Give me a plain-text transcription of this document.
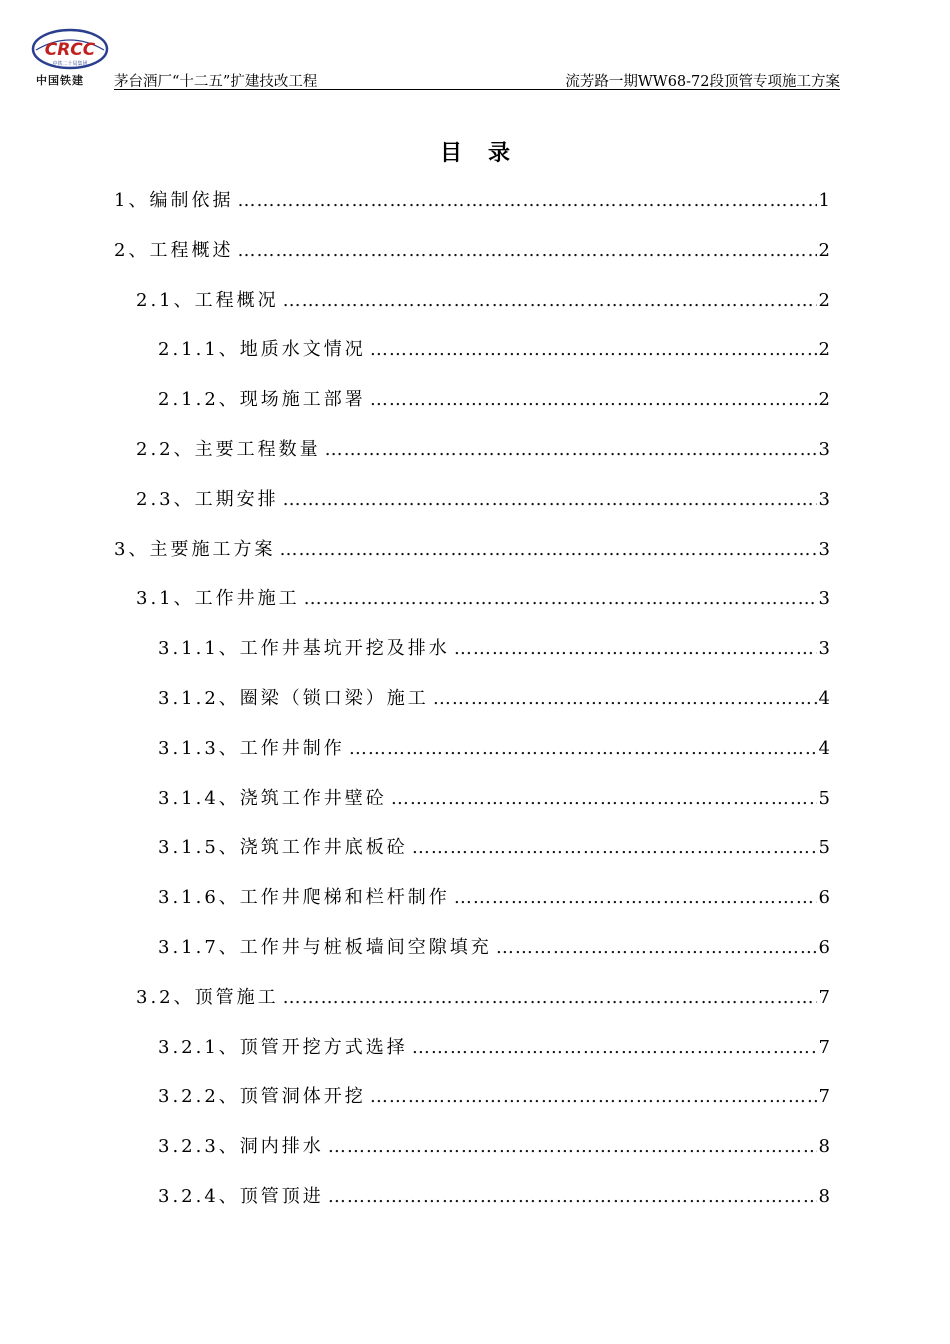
CRCC
中铁二十局集团
中国铁建 茅台酒厂“十二五”扩建技改工程	流芳路一期WW68-72段顶管专项施工方案
目录
1、编制依据 …………………………………………………………………………………………………………………………………………………………………………………	1
2、工程概述 …………………………………………………………………………………………………………………………………………………………………………………	2
2.1、工程概况 …………………………………………………………………………………………………………………………………………………………………………………	2
2.1.1、地质水文情况 …………………………………………………………………………………………………………………………………………………………………………………	2
2.1.2、现场施工部署 …………………………………………………………………………………………………………………………………………………………………………………	2
2.2、主要工程数量 …………………………………………………………………………………………………………………………………………………………………………………	3
2.3、工期安排 …………………………………………………………………………………………………………………………………………………………………………………	3
3、主要施工方案 …………………………………………………………………………………………………………………………………………………………………………………	3
3.1、工作井施工 …………………………………………………………………………………………………………………………………………………………………………………	3
3.1.1、工作井基坑开挖及排水 …………………………………………………………………………………………………………………………………………………………………………………	3
3.1.2、圈梁（锁口梁）施工 …………………………………………………………………………………………………………………………………………………………………………………	4
3.1.3、工作井制作 …………………………………………………………………………………………………………………………………………………………………………………	4
3.1.4、浇筑工作井壁砼 …………………………………………………………………………………………………………………………………………………………………………………	5
3.1.5、浇筑工作井底板砼 …………………………………………………………………………………………………………………………………………………………………………………	5
3.1.6、工作井爬梯和栏杆制作 …………………………………………………………………………………………………………………………………………………………………………………	6
3.1.7、工作井与桩板墙间空隙填充 …………………………………………………………………………………………………………………………………………………………………………………	6
3.2、顶管施工 …………………………………………………………………………………………………………………………………………………………………………………	7
3.2.1、顶管开挖方式选择 …………………………………………………………………………………………………………………………………………………………………………………	7
3.2.2、顶管洞体开挖 …………………………………………………………………………………………………………………………………………………………………………………	7
3.2.3、洞内排水 …………………………………………………………………………………………………………………………………………………………………………………	8
3.2.4、顶管顶进 …………………………………………………………………………………………………………………………………………………………………………………	8
